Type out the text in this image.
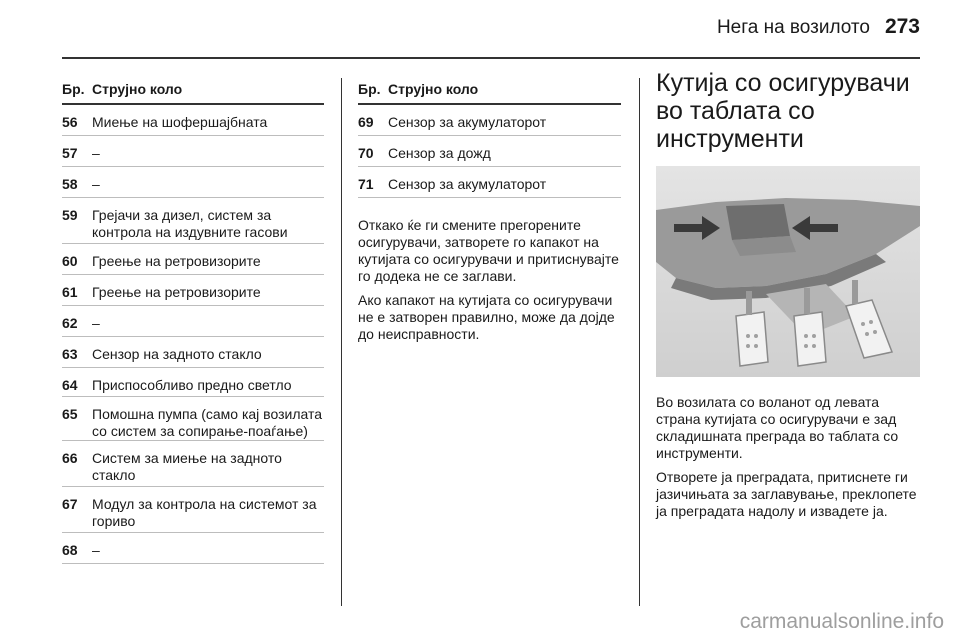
Нега на возилото 273
Бр. Струјно коло
56	Миење на шофершајбната
57	–
58	–
59	Грејачи за дизел, систем за контрола на издувните гасови
60	Греење на ретровизорите
61	Греење на ретровизорите
62	–
63	Сензор на задното стакло
64	Приспособливо предно светло
65	Помошна пумпа (само кај возилата со систем за сопирање-поаѓање)
66	Систем за миење на задното стакло
67	Модул за контрола на системот за гориво
68	–
Бр. Струјно коло
69	Сензор за акумулаторот
70	Сензор за дожд
71	Сензор за акумулаторот

Откако ќе ги смените прегорените осигурувачи, затворете го капакот на кутијата со осигурувачи и притиснувајте го додека не се заглави.

Ако капакот на кутијата со осигурувачи не е затворен правилно, може да дојде до неисправности.

Кутија со осигурувачи во таблата со инструменти

Во возилата со воланот од левата страна кутијата со осигурувачи е зад складишната преграда во таблата со инструменти.

Отворете ја преградата, притиснете ги јазичињата за заглавување, преклопете ја преградата надолу и извадете ја.

carmanualsonline.info
